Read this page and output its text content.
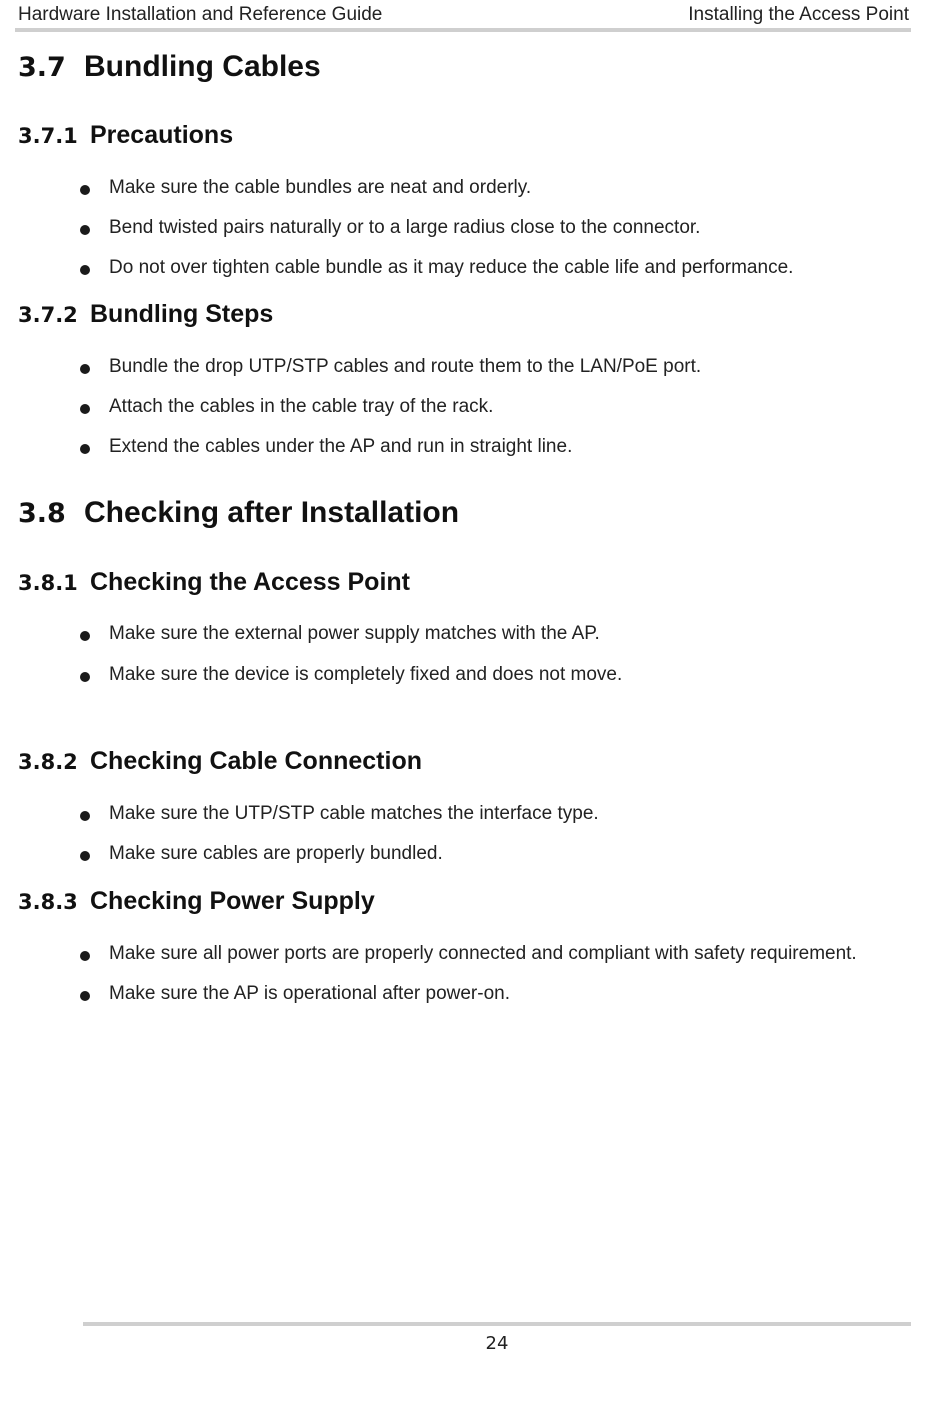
Hardware Installation and Reference Guide	Installing the Access Point
3.7 Bundling Cables
3.7.1 Precautions
Make sure the cable bundles are neat and orderly.
Bend twisted pairs naturally or to a large radius close to the connector.
Do not over tighten cable bundle as it may reduce the cable life and performance.
3.7.2 Bundling Steps
Bundle the drop UTP/STP cables and route them to the LAN/PoE port.
Attach the cables in the cable tray of the rack.
Extend the cables under the AP and run in straight line.
3.8 Checking after Installation
3.8.1 Checking the Access Point
Make sure the external power supply matches with the AP.
Make sure the device is completely fixed and does not move.
3.8.2 Checking Cable Connection
Make sure the UTP/STP cable matches the interface type.
Make sure cables are properly bundled.
3.8.3 Checking Power Supply
Make sure all power ports are properly connected and compliant with safety requirement.
Make sure the AP is operational after power-on.
24
